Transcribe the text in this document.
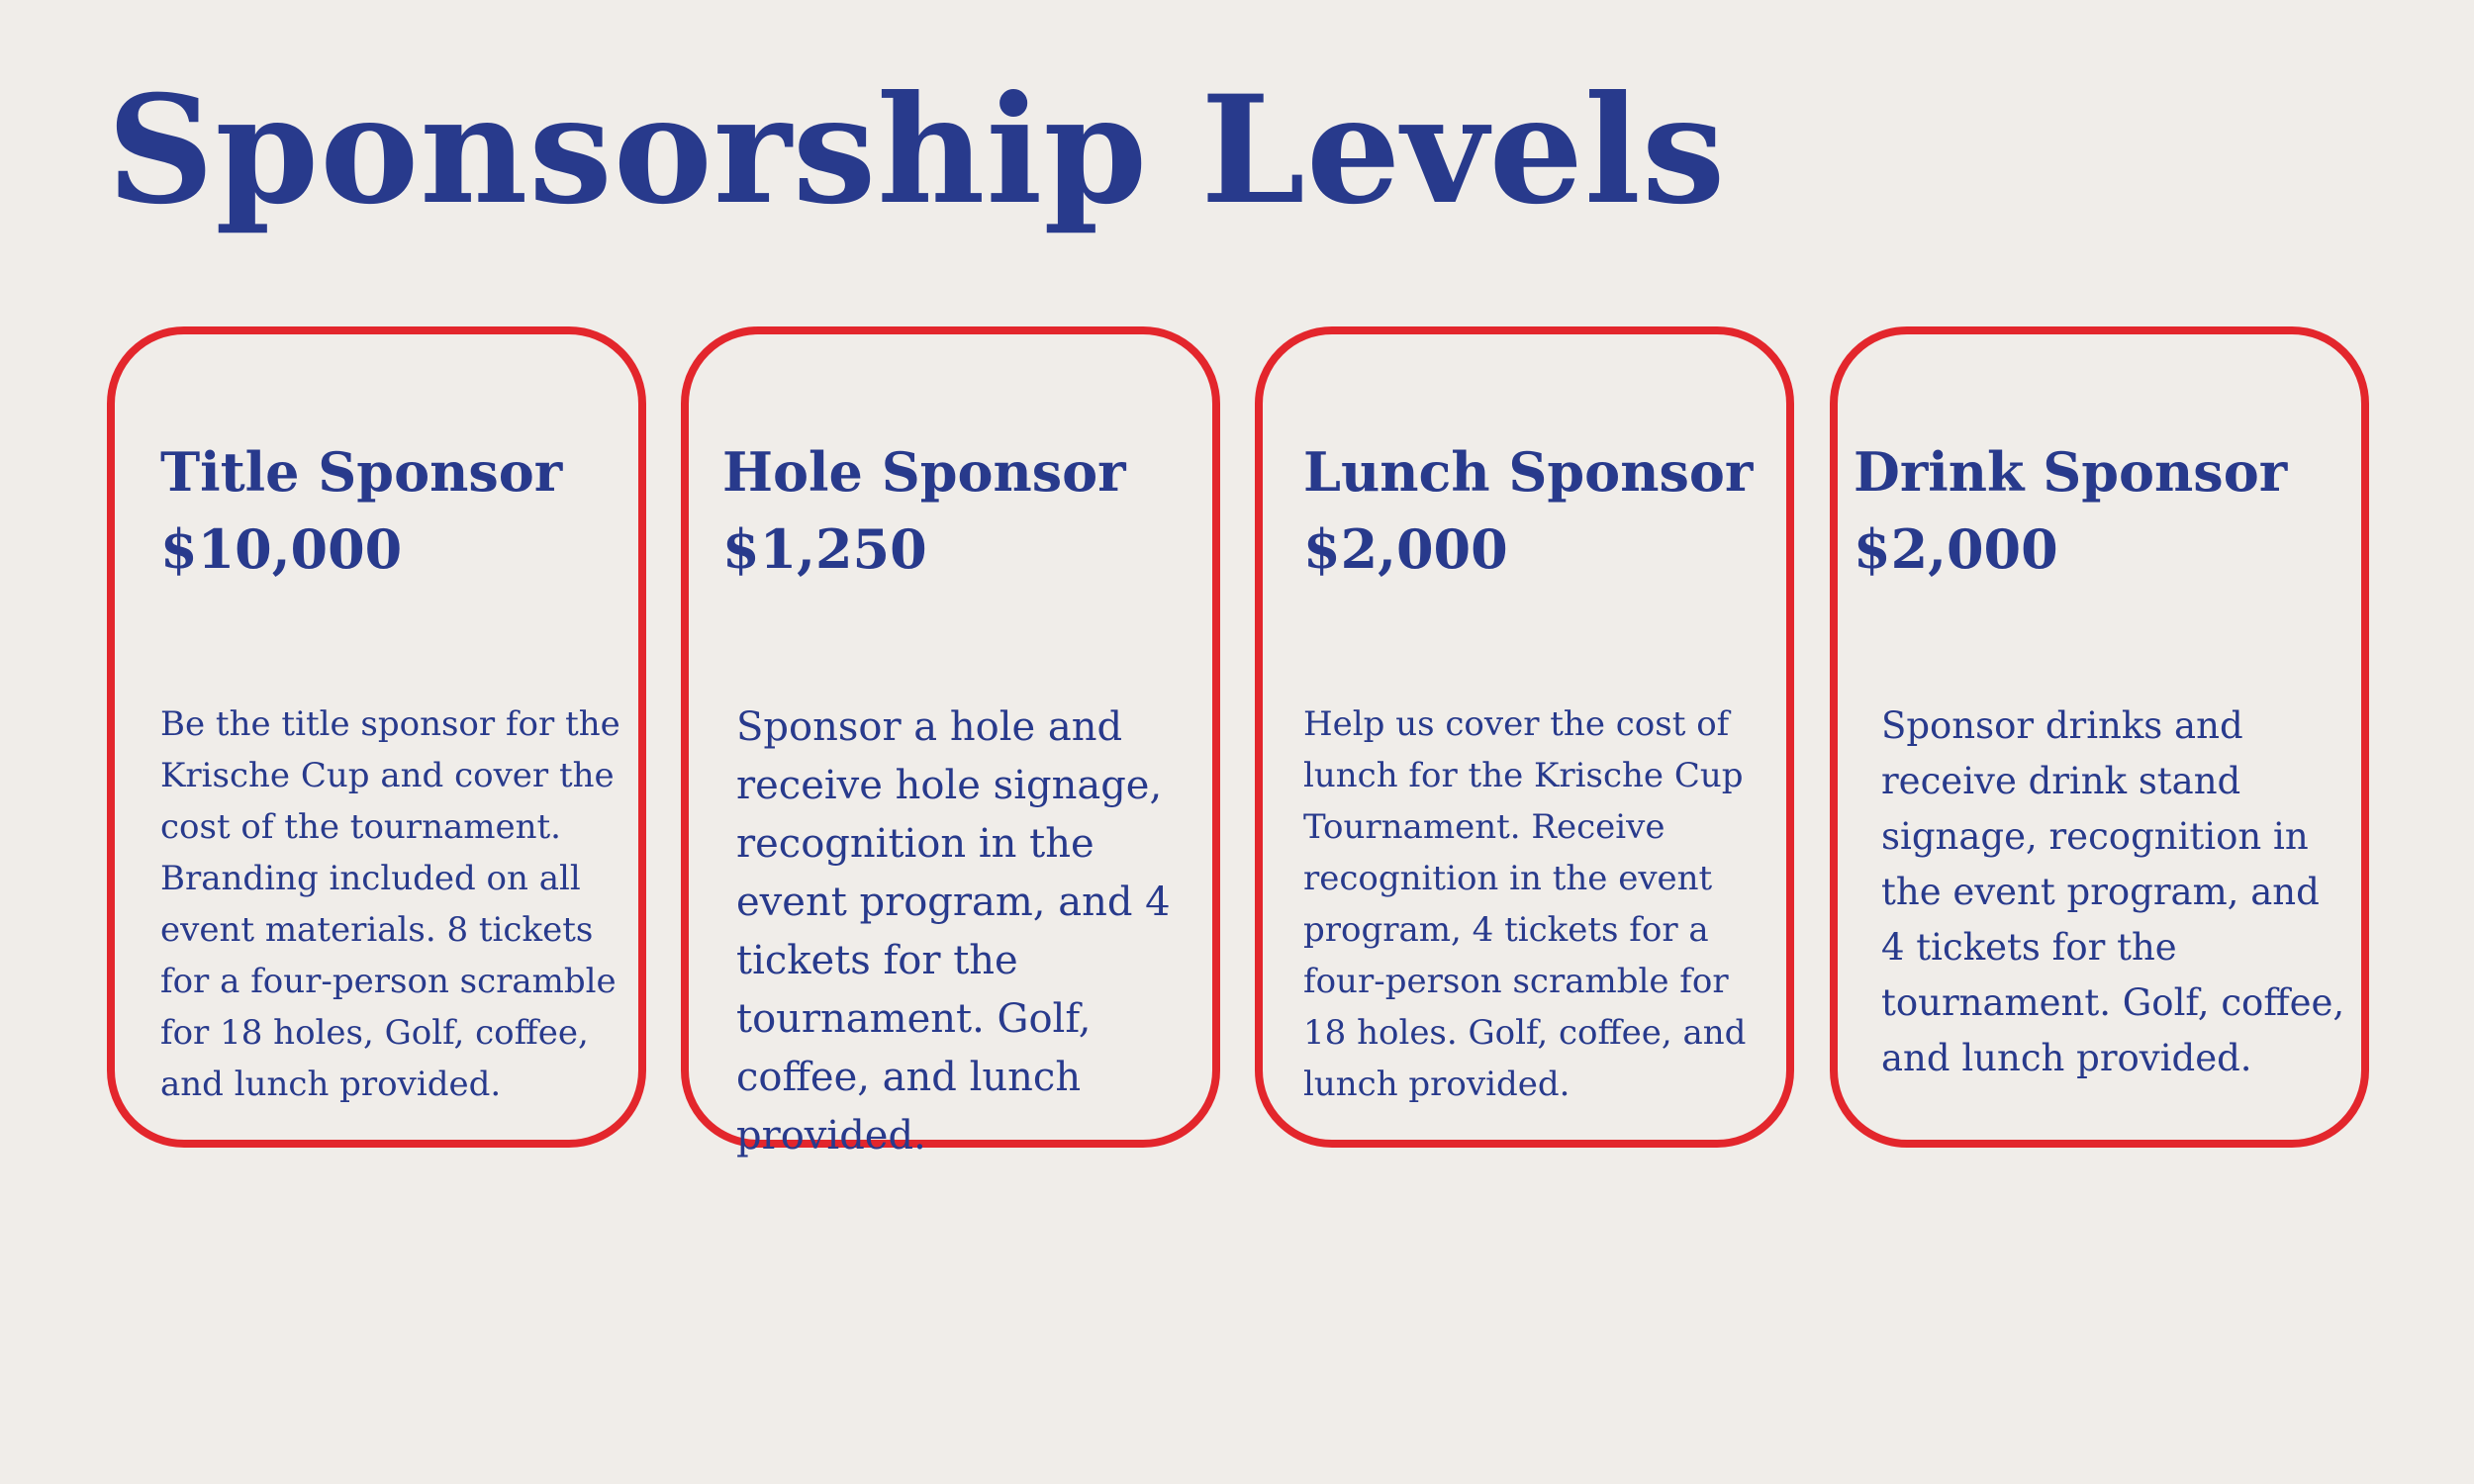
Sponsorship Levels
Title Sponsor
$10,000

Be the title sponsor for the Krische Cup and cover the cost of the tournament. Branding included on all event materials. 8 tickets for a four-person scramble for 18 holes, Golf, coffee, and lunch provided.

Hole Sponsor
$1,250

Sponsor a hole and receive hole signage, recognition in the event program, and 4 tickets for the tournament. Golf, coffee, and lunch provided.

Lunch Sponsor
$2,000

Help us cover the cost of lunch for the Krische Cup Tournament. Receive recognition in the event program, 4 tickets for a four-person scramble for 18 holes. Golf, coffee, and lunch provided.

Drink Sponsor
$2,000

Sponsor drinks and receive drink stand signage, recognition in the event program, and 4 tickets for the tournament. Golf, coffee, and lunch provided.
